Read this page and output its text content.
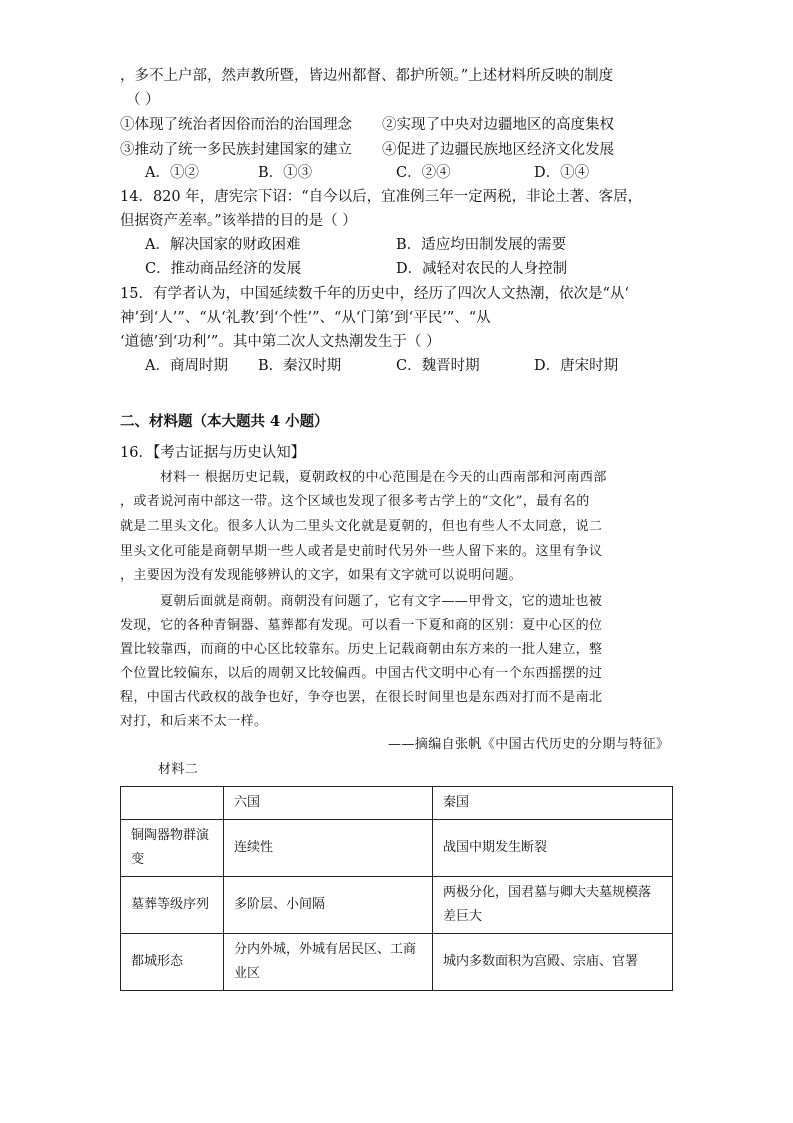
，多不上户部，然声教所暨，皆边州都督、都护所领。”上述材料所反映的制度
（ ）
①体现了统治者因俗而治的治国理念 ②实现了中央对边疆地区的高度集权
③推动了统一多民族封建国家的建立 ④促进了边疆民族地区经济文化发展
A．①②	B．①③	C．②④	D．①④
14．820 年，唐宪宗下诏：“自今以后，宜准例三年一定两税，非论土著、客居，
但据资产差率。”该举措的目的是（ ）
A．解决国家的财政困难	B．适应均田制发展的需要
C．推动商品经济的发展	D．减轻对农民的人身控制
15．有学者认为，中国延续数千年的历史中，经历了四次人文热潮，依次是“从‘
神’到‘人’”、“从‘礼教’到‘个性’”、“从‘门第’到‘平民’”、“从
‘道德’到‘功利’”。其中第二次人文热潮发生于（ ）
A．商周时期 B．秦汉时期	C．魏晋时期	D．唐宋时期
二、材料题（本大题共 4 小题）
16．【考古证据与历史认知】
材料一 根据历史记载，夏朝政权的中心范围是在今天的山西南部和河南西部
，或者说河南中部这一带。这个区域也发现了很多考古学上的“文化”，最有名的
就是二里头文化。很多人认为二里头文化就是夏朝的，但也有些人不太同意，说二
里头文化可能是商朝早期一些人或者是史前时代另外一些人留下来的。这里有争议
，主要因为没有发现能够辨认的文字，如果有文字就可以说明问题。
夏朝后面就是商朝。商朝没有问题了，它有文字——甲骨文，它的遗址也被
发现，它的各种青铜器、墓葬都有发现。可以看一下夏和商的区别：夏中心区的位
置比较靠西，而商的中心区比较靠东。历史上记载商朝由东方来的一批人建立，整
个位置比较偏东，以后的周朝又比较偏西。中国古代文明中心有一个东西摇摆的过
程，中国古代政权的战争也好，争夺也罢，在很长时间里也是东西对打而不是南北
对打，和后来不太一样。
——摘编自张帆《中国古代历史的分期与特征》
材料二
	六国	秦国
铜陶器物群演变	连续性	战国中期发生断裂
墓葬等级序列	多阶层、小间隔	两极分化，国君墓与卿大夫墓规模落差巨大
都城形态	分内外城，外城有居民区、工商业区	城内多数面积为宫殿、宗庙、官署
